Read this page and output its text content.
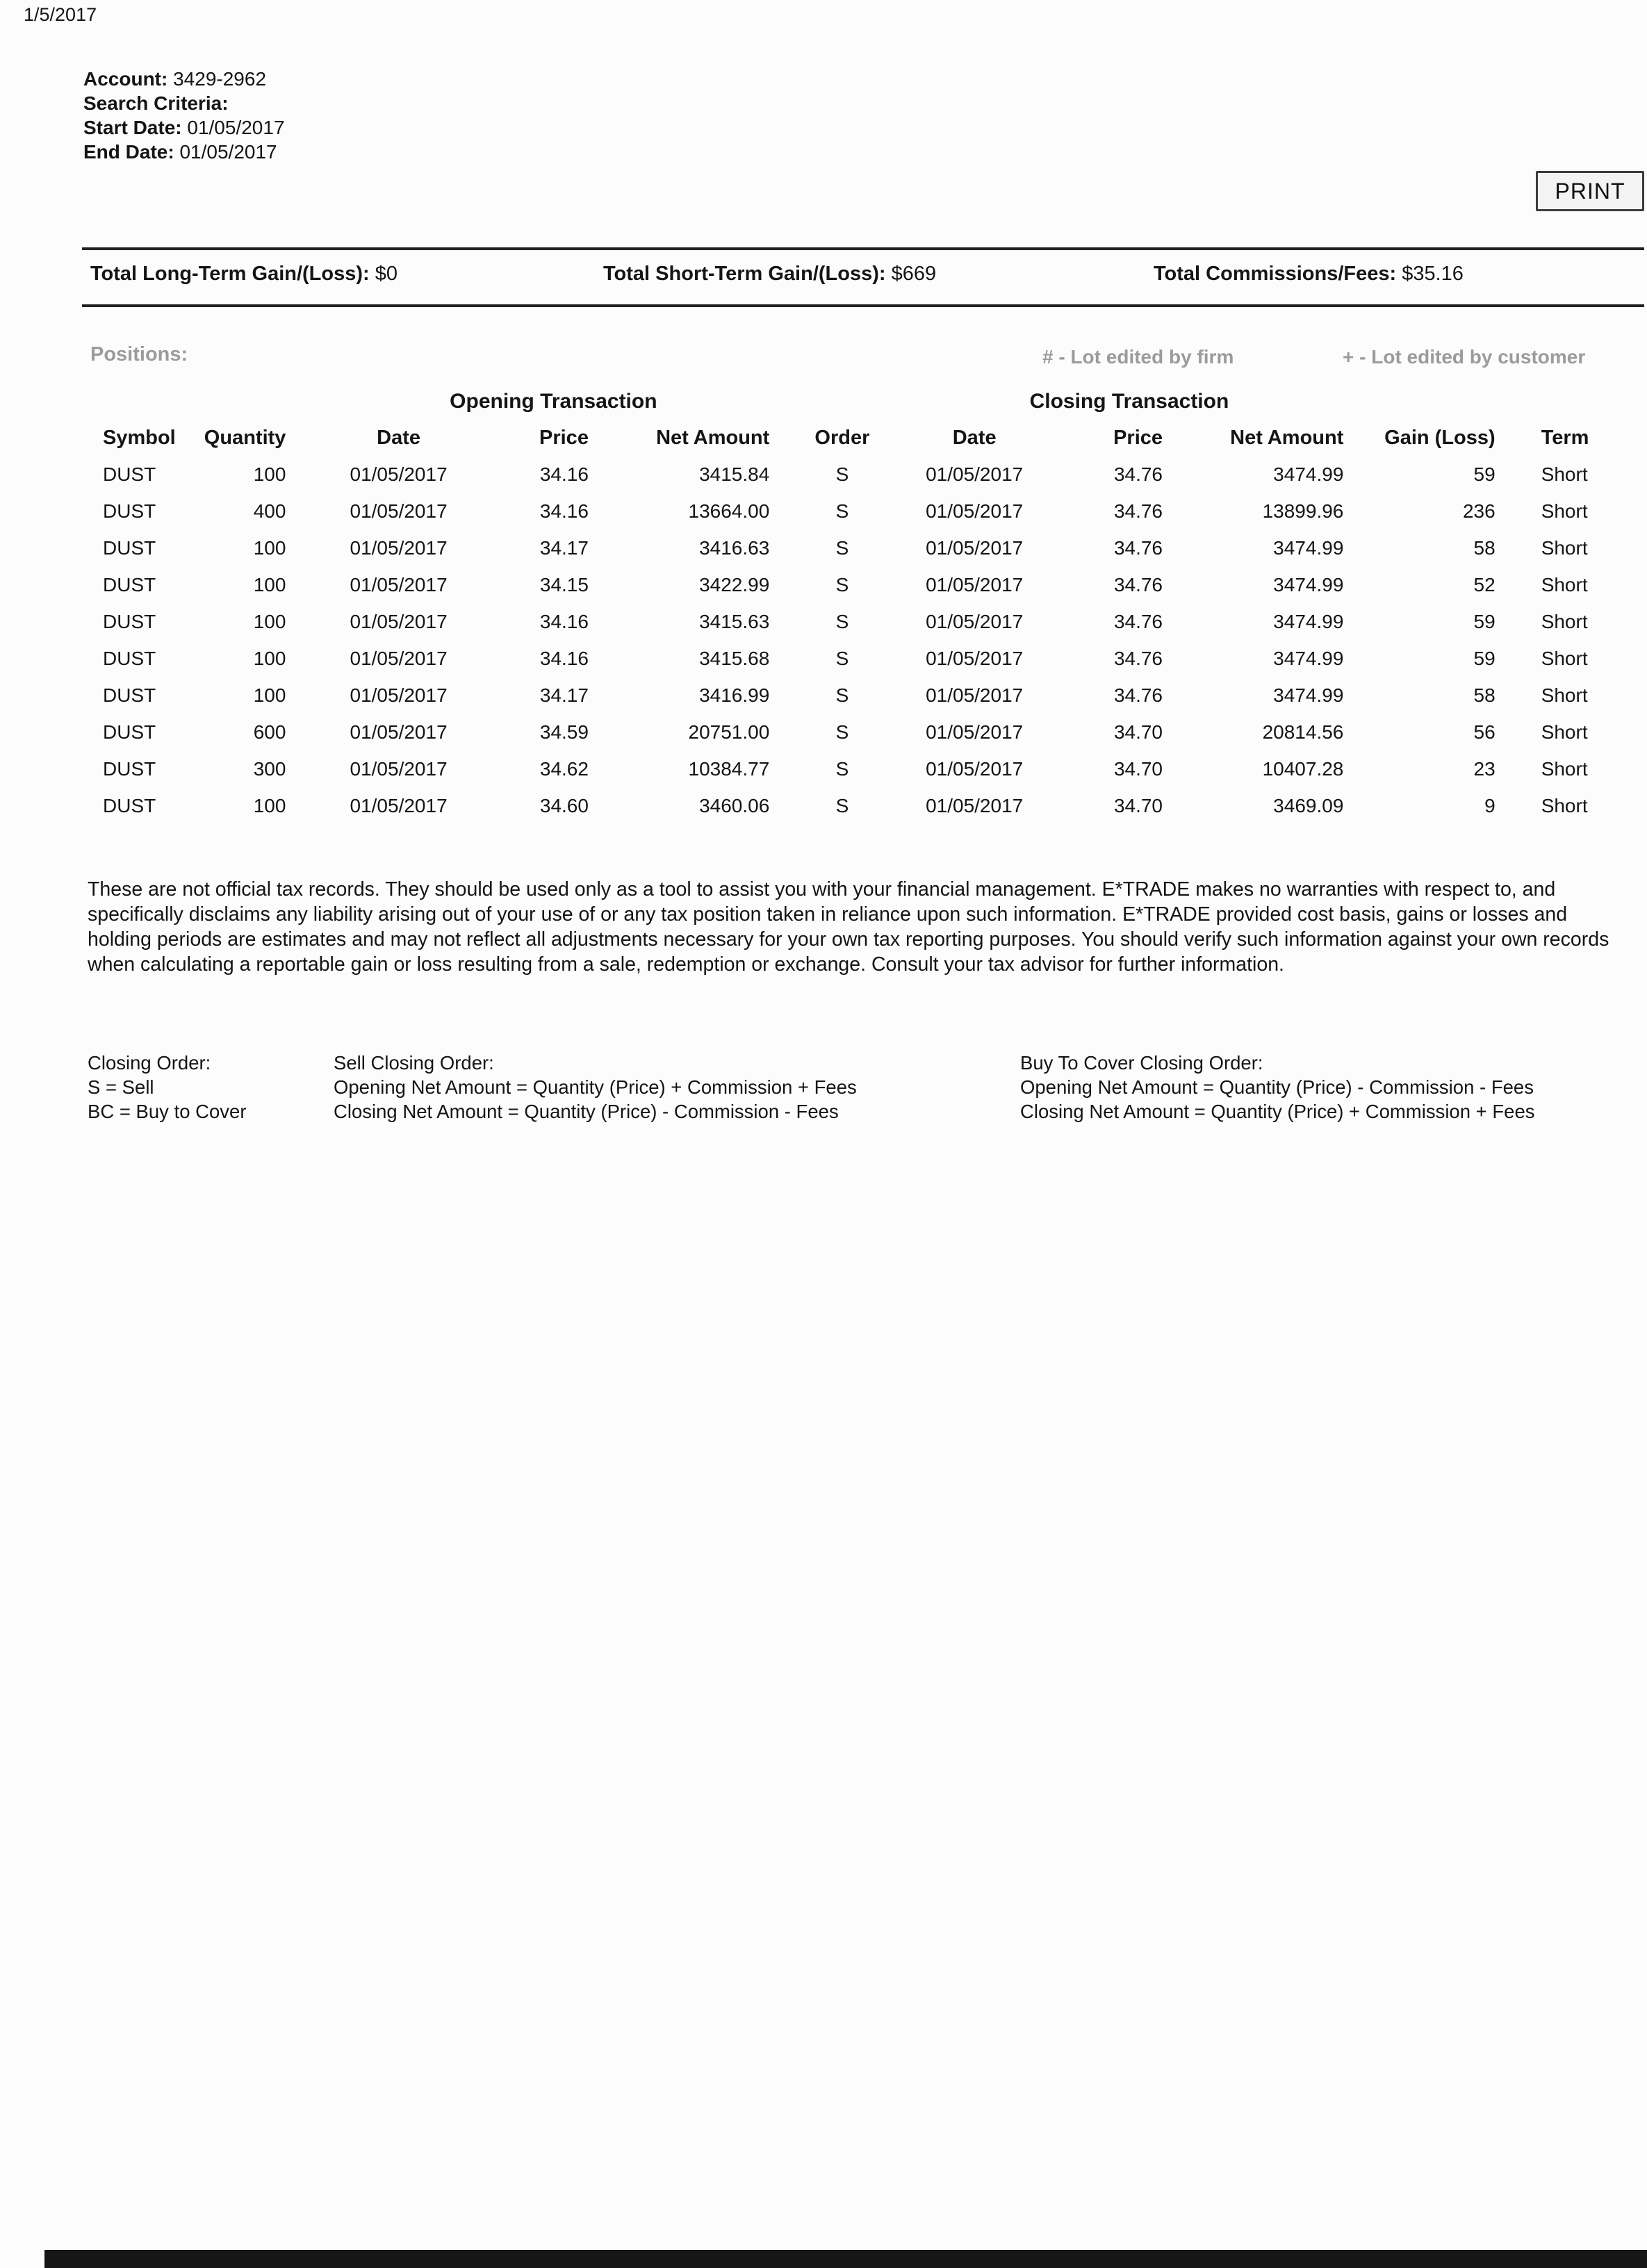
1/5/2017
Account: 3429-2962
Search Criteria:
Start Date: 01/05/2017
End Date: 01/05/2017
PRINT
Total Long-Term Gain/(Loss): $0	Total Short-Term Gain/(Loss): $669	Total Commissions/Fees: $35.16
Positions:	# - Lot edited by firm	+ - Lot edited by customer
		Opening Transaction				Closing Transaction				
Symbol	Quantity	Date	Price	Net Amount	Order	Date	Price	Net Amount	Gain (Loss)	Term
DUST	100	01/05/2017	34.16	3415.84	S	01/05/2017	34.76	3474.99	59	Short
DUST	400	01/05/2017	34.16	13664.00	S	01/05/2017	34.76	13899.96	236	Short
DUST	100	01/05/2017	34.17	3416.63	S	01/05/2017	34.76	3474.99	58	Short
DUST	100	01/05/2017	34.15	3422.99	S	01/05/2017	34.76	3474.99	52	Short
DUST	100	01/05/2017	34.16	3415.63	S	01/05/2017	34.76	3474.99	59	Short
DUST	100	01/05/2017	34.16	3415.68	S	01/05/2017	34.76	3474.99	59	Short
DUST	100	01/05/2017	34.17	3416.99	S	01/05/2017	34.76	3474.99	58	Short
DUST	600	01/05/2017	34.59	20751.00	S	01/05/2017	34.70	20814.56	56	Short
DUST	300	01/05/2017	34.62	10384.77	S	01/05/2017	34.70	10407.28	23	Short
DUST	100	01/05/2017	34.60	3460.06	S	01/05/2017	34.70	3469.09	9	Short
These are not official tax records. They should be used only as a tool to assist you with your financial management. E*TRADE makes no warranties with respect to, and specifically disclaims any liability arising out of your use of or any tax position taken in reliance upon such information. E*TRADE provided cost basis, gains or losses and holding periods are estimates and may not reflect all adjustments necessary for your own tax reporting purposes. You should verify such information against your own records when calculating a reportable gain or loss resulting from a sale, redemption or exchange. Consult your tax advisor for further information.
Closing Order:
S = Sell
BC = Buy to Cover
Sell Closing Order:
Opening Net Amount = Quantity (Price) + Commission + Fees
Closing Net Amount = Quantity (Price) - Commission - Fees
Buy To Cover Closing Order:
Opening Net Amount = Quantity (Price) - Commission - Fees
Closing Net Amount = Quantity (Price) + Commission + Fees
